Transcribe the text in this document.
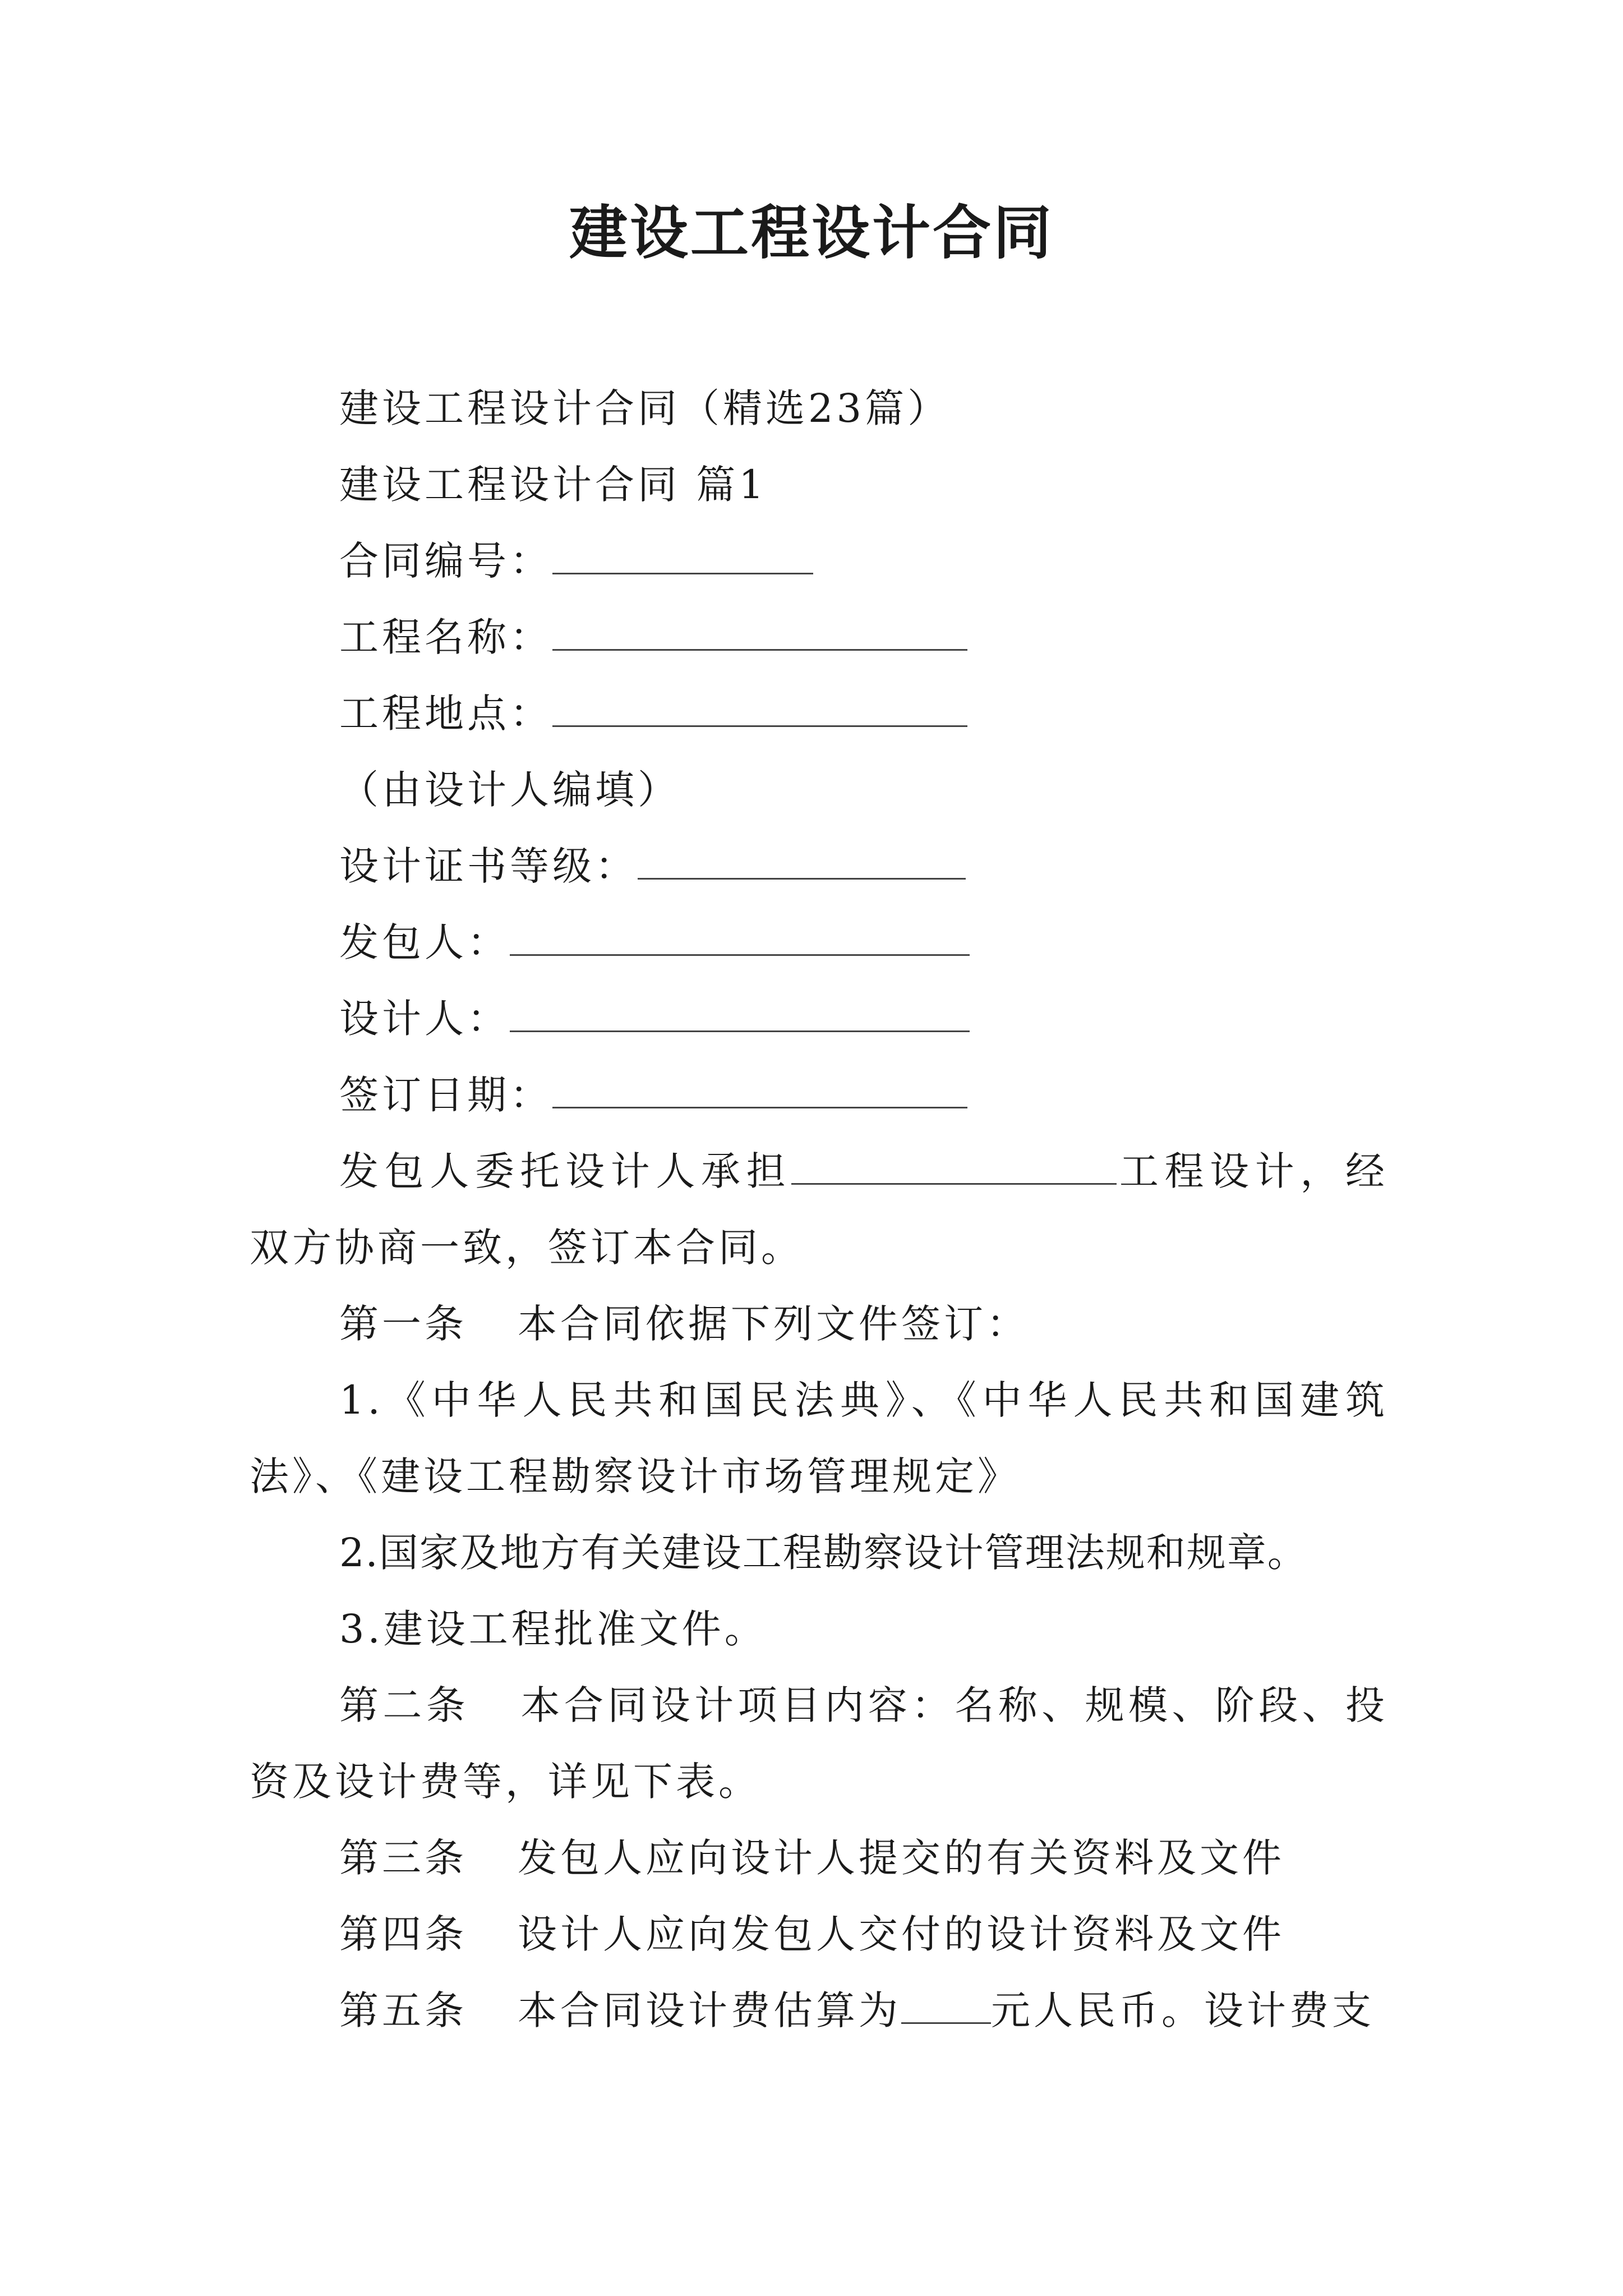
建设工程设计合同
建设工程设计合同（精选23篇）
建设工程设计合同 篇1
合同编号：
工程名称：
工程地点：
（由设计人编填）
设计证书等级：
发包人：
设计人：
签订日期：
发包人委托设计人承担	工程设计，经双方协商一致，签订本合同。
第一条 本合同依据下列文件签订：
1.《中华人民共和国民法典》、《中华人民共和国建筑法》、《建设工程勘察设计市场管理规定》
2.国家及地方有关建设工程勘察设计管理法规和规章。
3.建设工程批准文件。
第二条 本合同设计项目内容：名称、规模、阶段、投资及设计费等，详见下表。
第三条 发包人应向设计人提交的有关资料及文件
第四条 设计人应向发包人交付的设计资料及文件
第五条 本合同设计费估算为 元人民币。设计费支
